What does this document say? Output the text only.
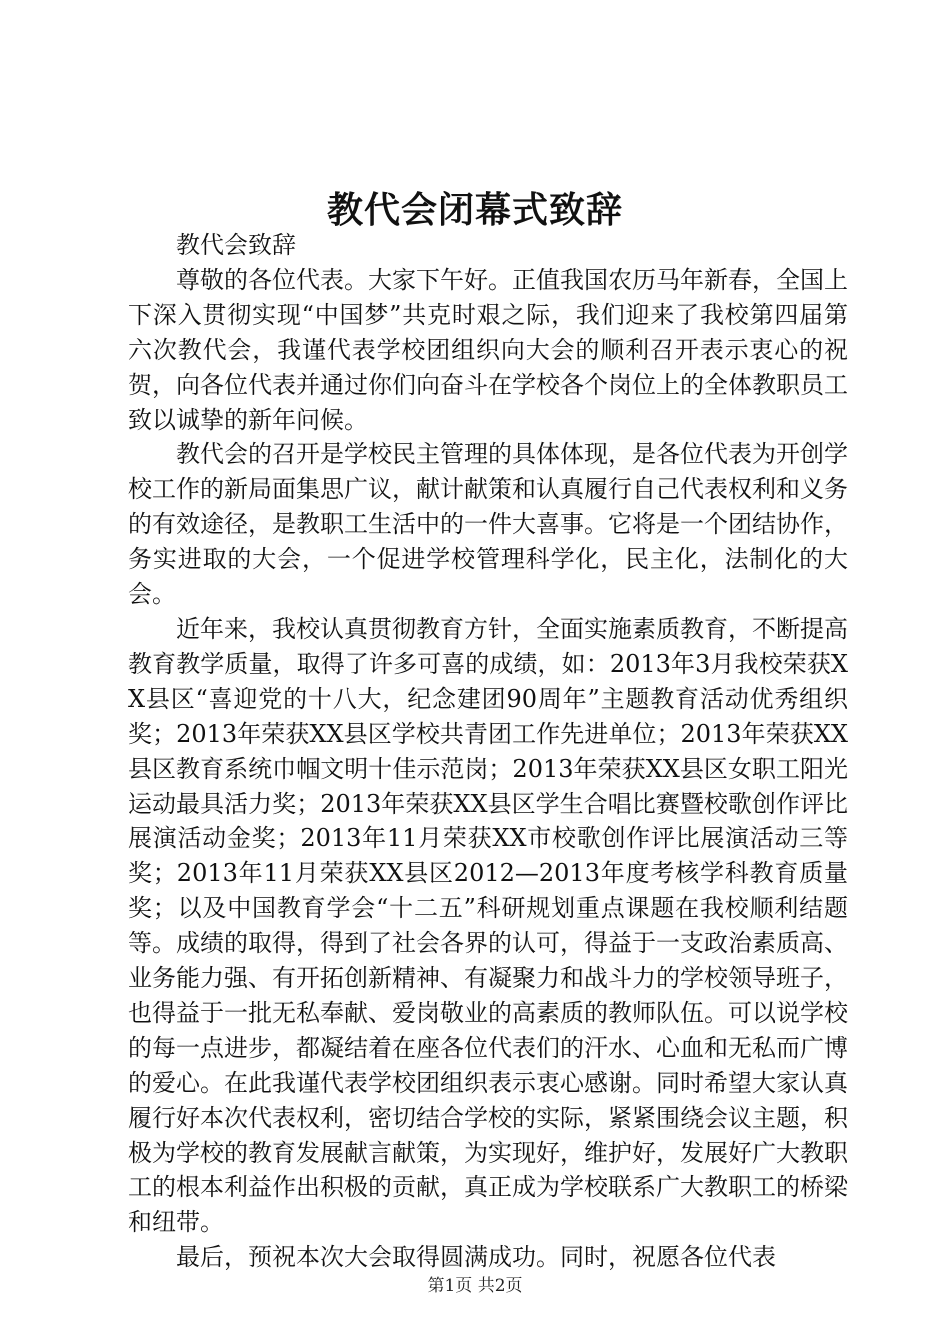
教代会闭幕式致辞

教代会致辞

尊敬的各位代表。大家下午好。正值我国农历马年新春，全国上下深入贯彻实现“中国梦”共克时艰之际，我们迎来了我校第四届第六次教代会，我谨代表学校团组织向大会的顺利召开表示衷心的祝贺，向各位代表并通过你们向奋斗在学校各个岗位上的全体教职员工致以诚挚的新年问候。

教代会的召开是学校民主管理的具体体现，是各位代表为开创学校工作的新局面集思广议，献计献策和认真履行自己代表权利和义务的有效途径，是教职工生活中的一件大喜事。它将是一个团结协作，务实进取的大会，一个促进学校管理科学化，民主化，法制化的大会。

近年来，我校认真贯彻教育方针，全面实施素质教育，不断提高教育教学质量，取得了许多可喜的成绩，如：2013年3月我校荣获XX县区“喜迎党的十八大，纪念建团90周年”主题教育活动优秀组织奖；2013年荣获XX县区学校共青团工作先进单位；2013年荣获XX县区教育系统巾帼文明十佳示范岗；2013年荣获XX县区女职工阳光运动最具活力奖；2013年荣获XX县区学生合唱比赛暨校歌创作评比展演活动金奖；2013年11月荣获XX市校歌创作评比展演活动三等奖；2013年11月荣获XX县区2012—2013年度考核学科教育质量奖；以及中国教育学会“十二五”科研规划重点课题在我校顺利结题等。成绩的取得，得到了社会各界的认可，得益于一支政治素质高、业务能力强、有开拓创新精神、有凝聚力和战斗力的学校领导班子，也得益于一批无私奉献、爱岗敬业的高素质的教师队伍。可以说学校的每一点进步，都凝结着在座各位代表们的汗水、心血和无私而广博的爱心。在此我谨代表学校团组织表示衷心感谢。同时希望大家认真履行好本次代表权利，密切结合学校的实际，紧紧围绕会议主题，积极为学校的教育发展献言献策，为实现好，维护好，发展好广大教职工的根本利益作出积极的贡献，真正成为学校联系广大教职工的桥梁和纽带。

最后，预祝本次大会取得圆满成功。同时，祝愿各位代表

第1页 共2页
